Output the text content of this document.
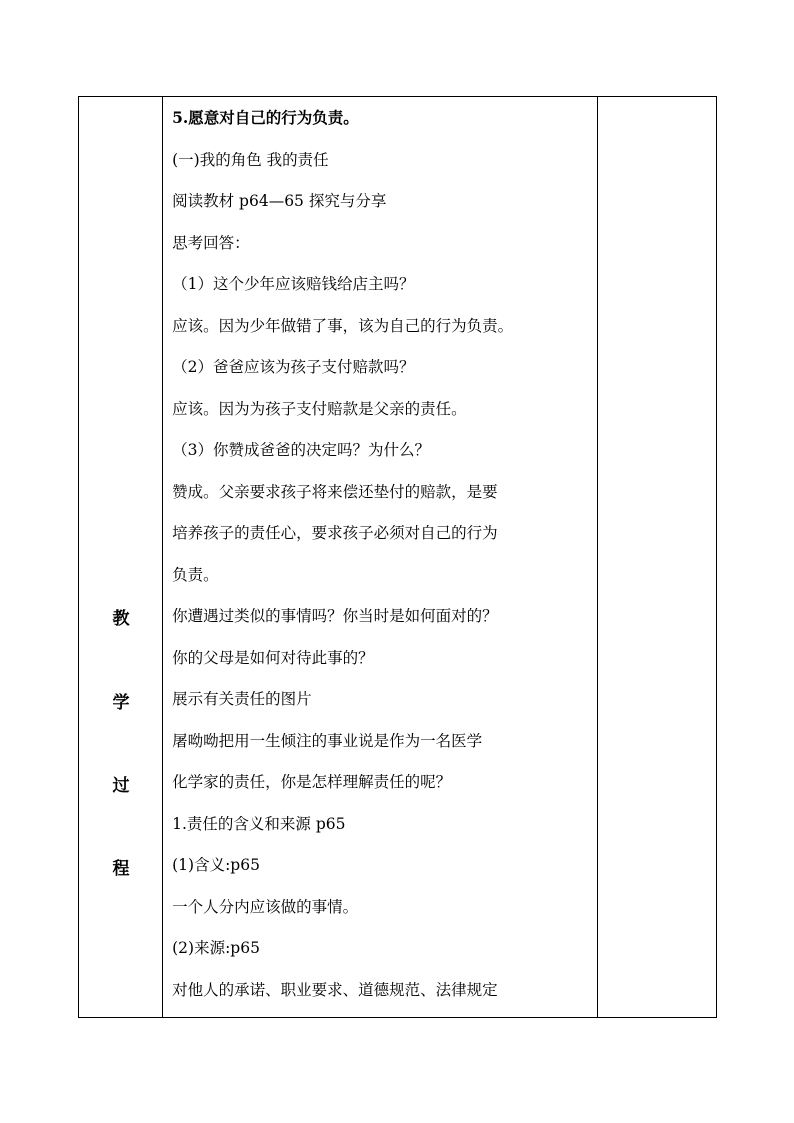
教
学
过
程

5.愿意对自己的行为负责。
(一)我的角色 我的责任
阅读教材 p64—65 探究与分享
思考回答：
（1）这个少年应该赔钱给店主吗？
应该。因为少年做错了事，该为自己的行为负责。
（2）爸爸应该为孩子支付赔款吗？
应该。因为为孩子支付赔款是父亲的责任。
（3）你赞成爸爸的决定吗？为什么？
赞成。父亲要求孩子将来偿还垫付的赔款，是要
培养孩子的责任心，要求孩子必须对自己的行为
负责。
你遭遇过类似的事情吗？你当时是如何面对的？
你的父母是如何对待此事的？
展示有关责任的图片
屠呦呦把用一生倾注的事业说是作为一名医学
化学家的责任，你是怎样理解责任的呢？
1.责任的含义和来源 p65
(1)含义:p65
一个人分内应该做的事情。
(2)来源:p65
对他人的承诺、职业要求、道德规范、法律规定
